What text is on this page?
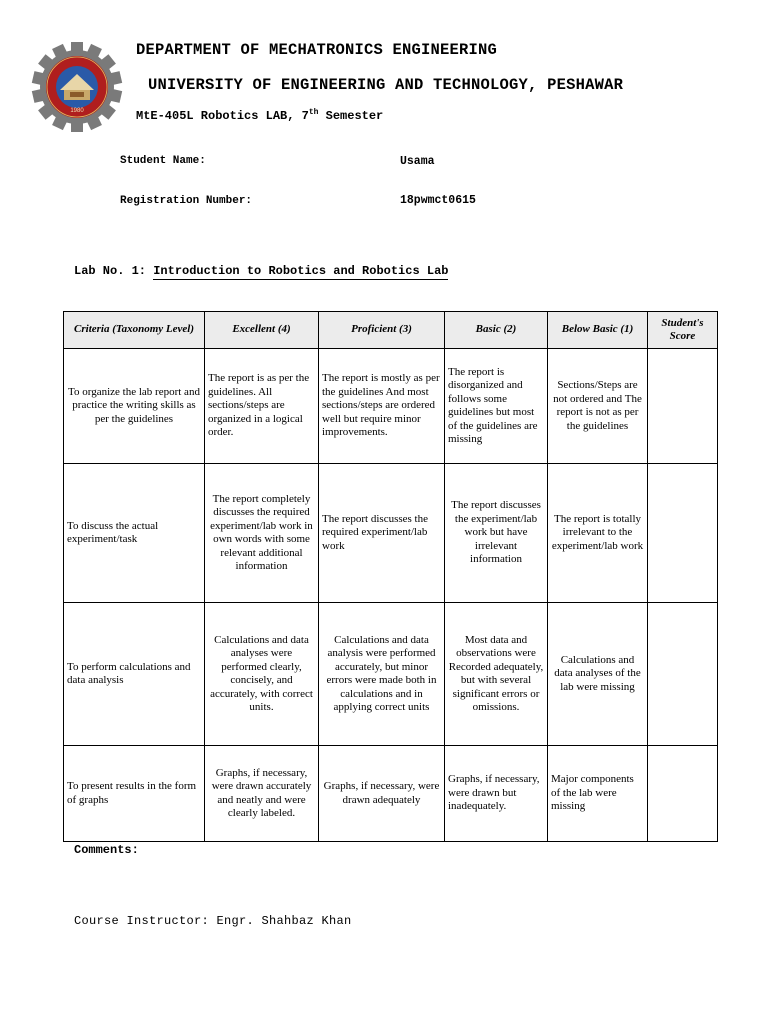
1980
DEPARTMENT OF MECHATRONICS ENGINEERING
UNIVERSITY OF ENGINEERING AND TECHNOLOGY, PESHAWAR
MtE-405L Robotics LAB, 7th Semester
Student Name:	Usama
Registration Number:	18pwmct0615
Lab No. 1: Introduction to Robotics and Robotics Lab
Criteria (Taxonomy Level)	Excellent (4)	Proficient (3)	Basic (2)	Below Basic (1)	Student's Score
To organize the lab report and practice the writing skills as per the guidelines	The report is as per the guidelines. All sections/steps are organized in a logical order.	The report is mostly as per the guidelines And most sections/steps are ordered well but require minor improvements.	The report is disorganized and follows some guidelines but most of the guidelines are missing	Sections/Steps are not ordered and The report is not as per the guidelines	
To discuss the actual experiment/task	The report completely discusses the required experiment/lab work in own words with some relevant additional information	The report discusses the required experiment/lab work	The report discusses the experiment/lab work but have irrelevant information	The report is totally irrelevant to the experiment/lab work	
To perform calculations and data analysis	Calculations and data analyses were performed clearly, concisely, and accurately, with correct units.	Calculations and data analysis were performed accurately, but minor errors were made both in calculations and in applying correct units	Most data and observations were Recorded adequately, but with several significant errors or omissions.	Calculations and data analyses of the lab were missing	
To present results in the form of graphs	Graphs, if necessary, were drawn accurately and neatly and were clearly labeled.	Graphs, if necessary, were drawn adequately	Graphs, if necessary, were drawn but inadequately.	Major components of the lab were missing	
Comments:
Course Instructor: Engr. Shahbaz Khan
